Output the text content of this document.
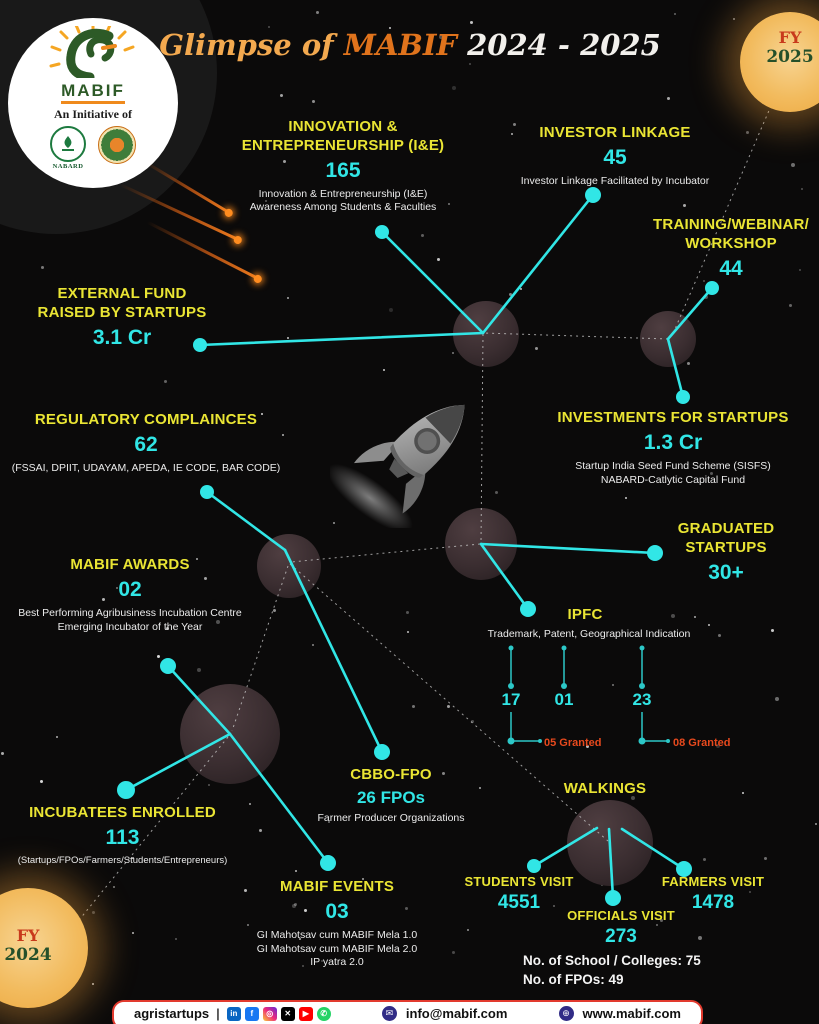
MABIF
An Initiative of
NABARD
Glimpse of MABIF 2024 - 2025	FY
2025
FY
2024
INNOVATION &
ENTREPRENEURSHIP (I&E)
165
Innovation & Entrepreneurship (I&E)
Awareness Among Students & Faculties
INVESTOR LINKAGE
45
Investor Linkage Facilitated by Incubator
TRAINING/WEBINAR/
WORKSHOP
44
EXTERNAL FUND
RAISED BY STARTUPS
3.1 Cr
REGULATORY COMPLAINCES
62
(FSSAI, DPIIT, UDAYAM, APEDA, IE CODE, BAR CODE)
INVESTMENTS FOR STARTUPS
1.3 Cr
Startup India Seed Fund Scheme (SISFS)
NABARD-Catlytic Capital Fund
MABIF AWARDS
02
Best Performing Agribusiness Incubation Centre
Emerging Incubator of the Year
GRADUATED
STARTUPS
30+
IPFC
Trademark, Patent, Geographical Indication
17	01	23
05 Granted	08 Granted
CBBO-FPO
26 FPOs
Farmer Producer Organizations
INCUBATEES ENROLLED
113
(Startups/FPOs/Farmers/Students/Entrepreneurs)
MABIF EVENTS
03
GI Mahotsav cum MABIF Mela 1.0
GI Mahotsav cum MABIF Mela 2.0
IP yatra 2.0
WALKINGS
STUDENTS VISIT
4551
OFFICIALS VISIT
273
FARMERS VISIT
1478
No. of School / Colleges: 75
No. of FPOs: 49
agristartups |	in	f	◎	✕	▶	✆	✉ info@mabif.com	⊕ www.mabif.com
